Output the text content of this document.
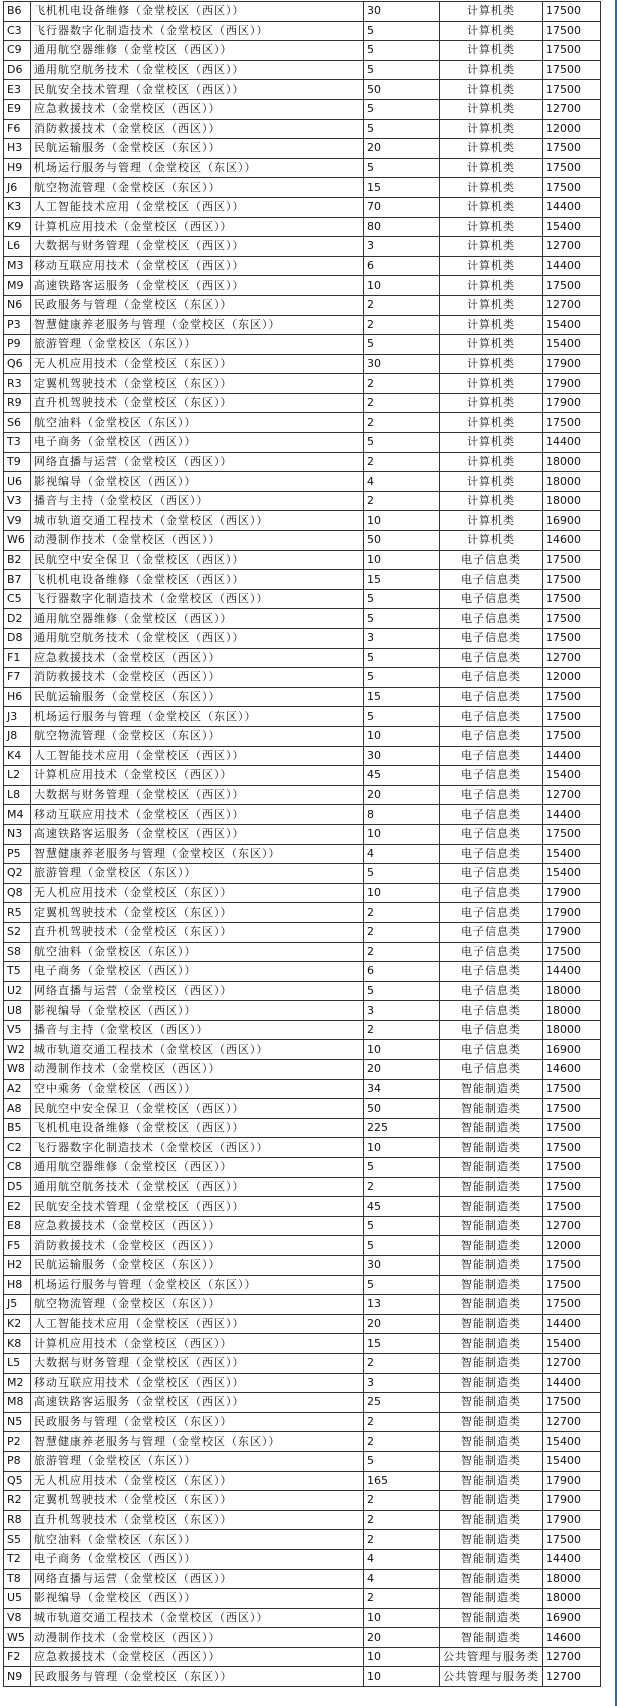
B6	飞机机电设备维修（金堂校区（西区））	30	计算机类	17500
C3	飞行器数字化制造技术（金堂校区（西区））	5	计算机类	17500
C9	通用航空器维修（金堂校区（西区））	5	计算机类	17500
D6	通用航空航务技术（金堂校区（西区））	5	计算机类	17500
E3	民航安全技术管理（金堂校区（西区））	50	计算机类	17500
E9	应急救援技术（金堂校区（西区））	5	计算机类	12700
F6	消防救援技术（金堂校区（西区））	5	计算机类	12000
H3	民航运输服务（金堂校区（东区））	20	计算机类	17500
H9	机场运行服务与管理（金堂校区（东区））	5	计算机类	17500
J6	航空物流管理（金堂校区（东区））	15	计算机类	17500
K3	人工智能技术应用（金堂校区（西区））	70	计算机类	14400
K9	计算机应用技术（金堂校区（西区））	80	计算机类	15400
L6	大数据与财务管理（金堂校区（西区））	3	计算机类	12700
M3	移动互联应用技术（金堂校区（西区））	6	计算机类	14400
M9	高速铁路客运服务（金堂校区（西区））	10	计算机类	17500
N6	民政服务与管理（金堂校区（东区））	2	计算机类	12700
P3	智慧健康养老服务与管理（金堂校区（东区））	2	计算机类	15400
P9	旅游管理（金堂校区（东区））	5	计算机类	15400
Q6	无人机应用技术（金堂校区（东区））	30	计算机类	17900
R3	定翼机驾驶技术（金堂校区（东区））	2	计算机类	17900
R9	直升机驾驶技术（金堂校区（东区））	2	计算机类	17900
S6	航空油料（金堂校区（东区））	2	计算机类	17500
T3	电子商务（金堂校区（西区））	5	计算机类	14400
T9	网络直播与运营（金堂校区（西区））	2	计算机类	18000
U6	影视编导（金堂校区（西区））	4	计算机类	18000
V3	播音与主持（金堂校区（西区））	2	计算机类	18000
V9	城市轨道交通工程技术（金堂校区（西区））	10	计算机类	16900
W6	动漫制作技术（金堂校区（西区））	50	计算机类	14600
B2	民航空中安全保卫（金堂校区（西区））	10	电子信息类	17500
B7	飞机机电设备维修（金堂校区（西区））	15	电子信息类	17500
C5	飞行器数字化制造技术（金堂校区（西区））	5	电子信息类	17500
D2	通用航空器维修（金堂校区（西区））	5	电子信息类	17500
D8	通用航空航务技术（金堂校区（西区））	3	电子信息类	17500
F1	应急救援技术（金堂校区（西区））	5	电子信息类	12700
F7	消防救援技术（金堂校区（西区））	5	电子信息类	12000
H6	民航运输服务（金堂校区（东区））	15	电子信息类	17500
J3	机场运行服务与管理（金堂校区（东区））	5	电子信息类	17500
J8	航空物流管理（金堂校区（东区））	10	电子信息类	17500
K4	人工智能技术应用（金堂校区（西区））	30	电子信息类	14400
L2	计算机应用技术（金堂校区（西区））	45	电子信息类	15400
L8	大数据与财务管理（金堂校区（西区））	20	电子信息类	12700
M4	移动互联应用技术（金堂校区（西区））	8	电子信息类	14400
N3	高速铁路客运服务（金堂校区（西区））	10	电子信息类	17500
P5	智慧健康养老服务与管理（金堂校区（东区））	4	电子信息类	15400
Q2	旅游管理（金堂校区（东区））	5	电子信息类	15400
Q8	无人机应用技术（金堂校区（东区））	10	电子信息类	17900
R5	定翼机驾驶技术（金堂校区（东区））	2	电子信息类	17900
S2	直升机驾驶技术（金堂校区（东区））	2	电子信息类	17900
S8	航空油料（金堂校区（东区））	2	电子信息类	17500
T5	电子商务（金堂校区（西区））	6	电子信息类	14400
U2	网络直播与运营（金堂校区（西区））	5	电子信息类	18000
U8	影视编导（金堂校区（西区））	3	电子信息类	18000
V5	播音与主持（金堂校区（西区））	2	电子信息类	18000
W2	城市轨道交通工程技术（金堂校区（西区））	10	电子信息类	16900
W8	动漫制作技术（金堂校区（西区））	20	电子信息类	14600
A2	空中乘务（金堂校区（西区））	34	智能制造类	17500
A8	民航空中安全保卫（金堂校区（西区））	50	智能制造类	17500
B5	飞机机电设备维修（金堂校区（西区））	225	智能制造类	17500
C2	飞行器数字化制造技术（金堂校区（西区））	10	智能制造类	17500
C8	通用航空器维修（金堂校区（西区））	5	智能制造类	17500
D5	通用航空航务技术（金堂校区（西区））	2	智能制造类	17500
E2	民航安全技术管理（金堂校区（西区））	45	智能制造类	17500
E8	应急救援技术（金堂校区（西区））	5	智能制造类	12700
F5	消防救援技术（金堂校区（西区））	5	智能制造类	12000
H2	民航运输服务（金堂校区（东区））	30	智能制造类	17500
H8	机场运行服务与管理（金堂校区（东区））	5	智能制造类	17500
J5	航空物流管理（金堂校区（东区））	13	智能制造类	17500
K2	人工智能技术应用（金堂校区（西区））	20	智能制造类	14400
K8	计算机应用技术（金堂校区（西区））	15	智能制造类	15400
L5	大数据与财务管理（金堂校区（西区））	2	智能制造类	12700
M2	移动互联应用技术（金堂校区（西区））	3	智能制造类	14400
M8	高速铁路客运服务（金堂校区（西区））	25	智能制造类	17500
N5	民政服务与管理（金堂校区（东区））	2	智能制造类	12700
P2	智慧健康养老服务与管理（金堂校区（东区））	2	智能制造类	15400
P8	旅游管理（金堂校区（东区））	5	智能制造类	15400
Q5	无人机应用技术（金堂校区（东区））	165	智能制造类	17900
R2	定翼机驾驶技术（金堂校区（东区））	2	智能制造类	17900
R8	直升机驾驶技术（金堂校区（东区））	2	智能制造类	17900
S5	航空油料（金堂校区（东区））	2	智能制造类	17500
T2	电子商务（金堂校区（西区））	4	智能制造类	14400
T8	网络直播与运营（金堂校区（西区））	4	智能制造类	18000
U5	影视编导（金堂校区（西区））	2	智能制造类	18000
V8	城市轨道交通工程技术（金堂校区（西区））	10	智能制造类	16900
W5	动漫制作技术（金堂校区（西区））	20	智能制造类	14600
F2	应急救援技术（金堂校区（西区））	10	公共管理与服务类	12700
N9	民政服务与管理（金堂校区（东区））	10	公共管理与服务类	12700
